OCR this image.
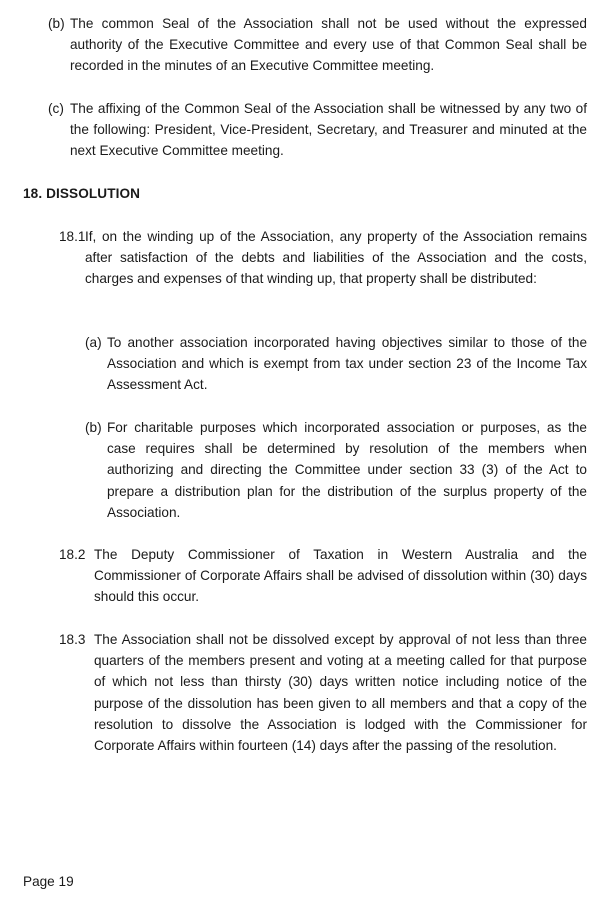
(b) The common Seal of the Association shall not be used without the expressed authority of the Executive Committee and every use of that Common Seal shall be recorded in the minutes of an Executive Committee meeting.
(c) The affixing of the Common Seal of the Association shall be witnessed by any two of the following: President, Vice-President, Secretary, and Treasurer and minuted at the next Executive Committee meeting.
18. DISSOLUTION
18.1 If, on the winding up of the Association, any property of the Association remains after satisfaction of the debts and liabilities of the Association and the costs, charges and expenses of that winding up, that property shall be distributed:
(a) To another association incorporated having objectives similar to those of the Association and which is exempt from tax under section 23 of the Income Tax Assessment Act.
(b) For charitable purposes which incorporated association or purposes, as the case requires shall be determined by resolution of the members when authorizing and directing the Committee under section 33 (3) of the Act to prepare a distribution plan for the distribution of the surplus property of the Association.
18.2 The Deputy Commissioner of Taxation in Western Australia and the Commissioner of Corporate Affairs shall be advised of dissolution within (30) days should this occur.
18.3 The Association shall not be dissolved except by approval of not less than three quarters of the members present and voting at a meeting called for that purpose of which not less than thirsty (30) days written notice including notice of the purpose of the dissolution has been given to all members and that a copy of the resolution to dissolve the Association is lodged with the Commissioner for Corporate Affairs within fourteen (14) days after the passing of the resolution.
Page 19
